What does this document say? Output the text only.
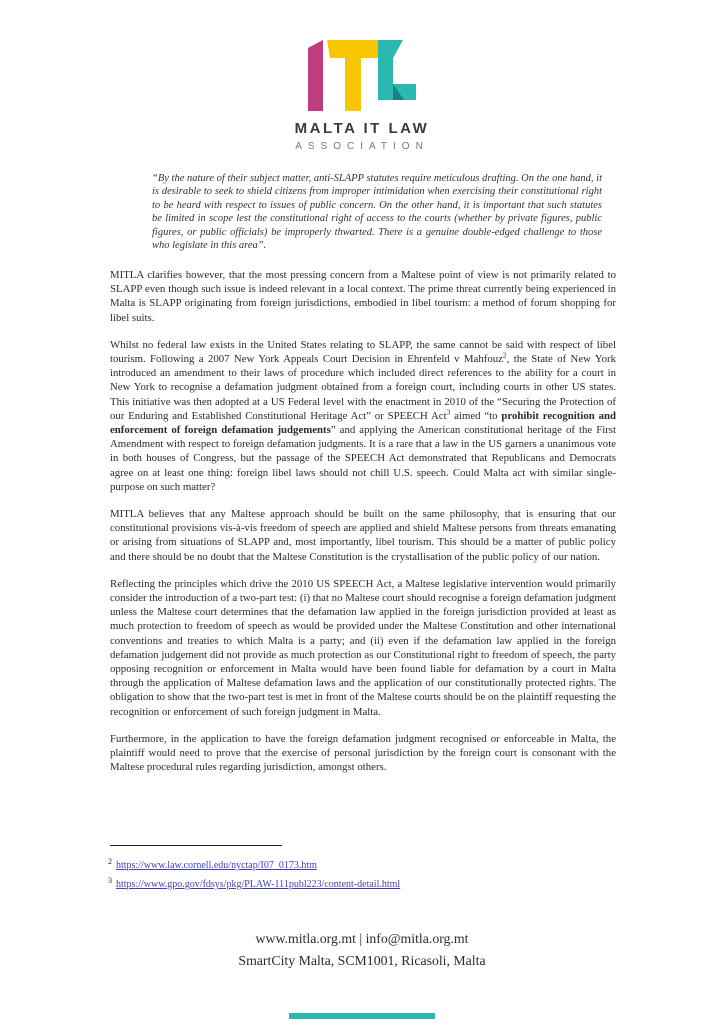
MALTA IT LAW
ASSOCIATION
“By the nature of their subject matter, anti-SLAPP statutes require meticulous drafting. On the one hand, it is desirable to seek to shield citizens from improper intimidation when exercising their constitutional right to be heard with respect to issues of public concern. On the other hand, it is important that such statutes be limited in scope lest the constitutional right of access to the courts (whether by private figures, public figures, or public officials) be improperly thwarted. There is a genuine double-edged challenge to those who legislate in this area”.

MITLA clarifies however, that the most pressing concern from a Maltese point of view is not primarily related to SLAPP even though such issue is indeed relevant in a local context. The prime threat currently being experienced in Malta is SLAPP originating from foreign jurisdictions, embodied in libel tourism: a method of forum shopping for libel suits.

Whilst no federal law exists in the United States relating to SLAPP, the same cannot be said with respect of libel tourism. Following a 2007 New York Appeals Court Decision in Ehrenfeld v Mahfouz$^2$, the State of New York introduced an amendment to their laws of procedure which included direct references to the ability for a court in New York to recognise a defamation judgment obtained from a foreign court, including courts in other US states. This initiative was then adopted at a US Federal level with the enactment in 2010 of the “Securing the Protection of our Enduring and Established Constitutional Heritage Act” or SPEECH Act$^3$ aimed “to prohibit recognition and enforcement of foreign defamation judgements” and applying the American constitutional heritage of the First Amendment with respect to foreign defamation judgments. It is a rare that a law in the US garners a unanimous vote in both houses of Congress, but the passage of the SPEECH Act demonstrated that Republicans and Democrats agree on at least one thing: foreign libel laws should not chill U.S. speech. Could Malta act with similar single-purpose on such matter?

MITLA believes that any Maltese approach should be built on the same philosophy, that is ensuring that our constitutional provisions vis-à-vis freedom of speech are applied and shield Maltese persons from threats emanating or arising from situations of SLAPP and, most importantly, libel tourism. This should be a matter of public policy and there should be no doubt that the Maltese Constitution is the crystallisation of the public policy of our nation.

Reflecting the principles which drive the 2010 US SPEECH Act, a Maltese legislative intervention would primarily consider the introduction of a two-part test: (i) that no Maltese court should recognise a foreign defamation judgment unless the Maltese court determines that the defamation law applied in the foreign jurisdiction provided at least as much protection to freedom of speech as would be provided under the Maltese Constitution and other international conventions and treaties to which Malta is a party; and (ii) even if the defamation law applied in the foreign defamation judgement did not provide as much protection as our Constitutional right to freedom of speech, the party opposing recognition or enforcement in Malta would have been found liable for defamation by a court in Malta through the application of Maltese defamation laws and the application of our constitutionally protected rights. The obligation to show that the two-part test is met in front of the Maltese courts should be on the plaintiff requesting the recognition or enforcement of such foreign judgment in Malta.

Furthermore, in the application to have the foreign defamation judgment recognised or enforceable in Malta, the plaintiff would need to prove that the exercise of personal jurisdiction by the foreign court is consonant with the Maltese procedural rules regarding jurisdiction, amongst others.

$^2$ https://www.law.cornell.edu/nyctap/I07_0173.htm
$^3$ https://www.gpo.gov/fdsys/pkg/PLAW-111publ223/content-detail.html
www.mitla.org.mt | info@mitla.org.mt
SmartCity Malta, SCM1001, Ricasoli, Malta
